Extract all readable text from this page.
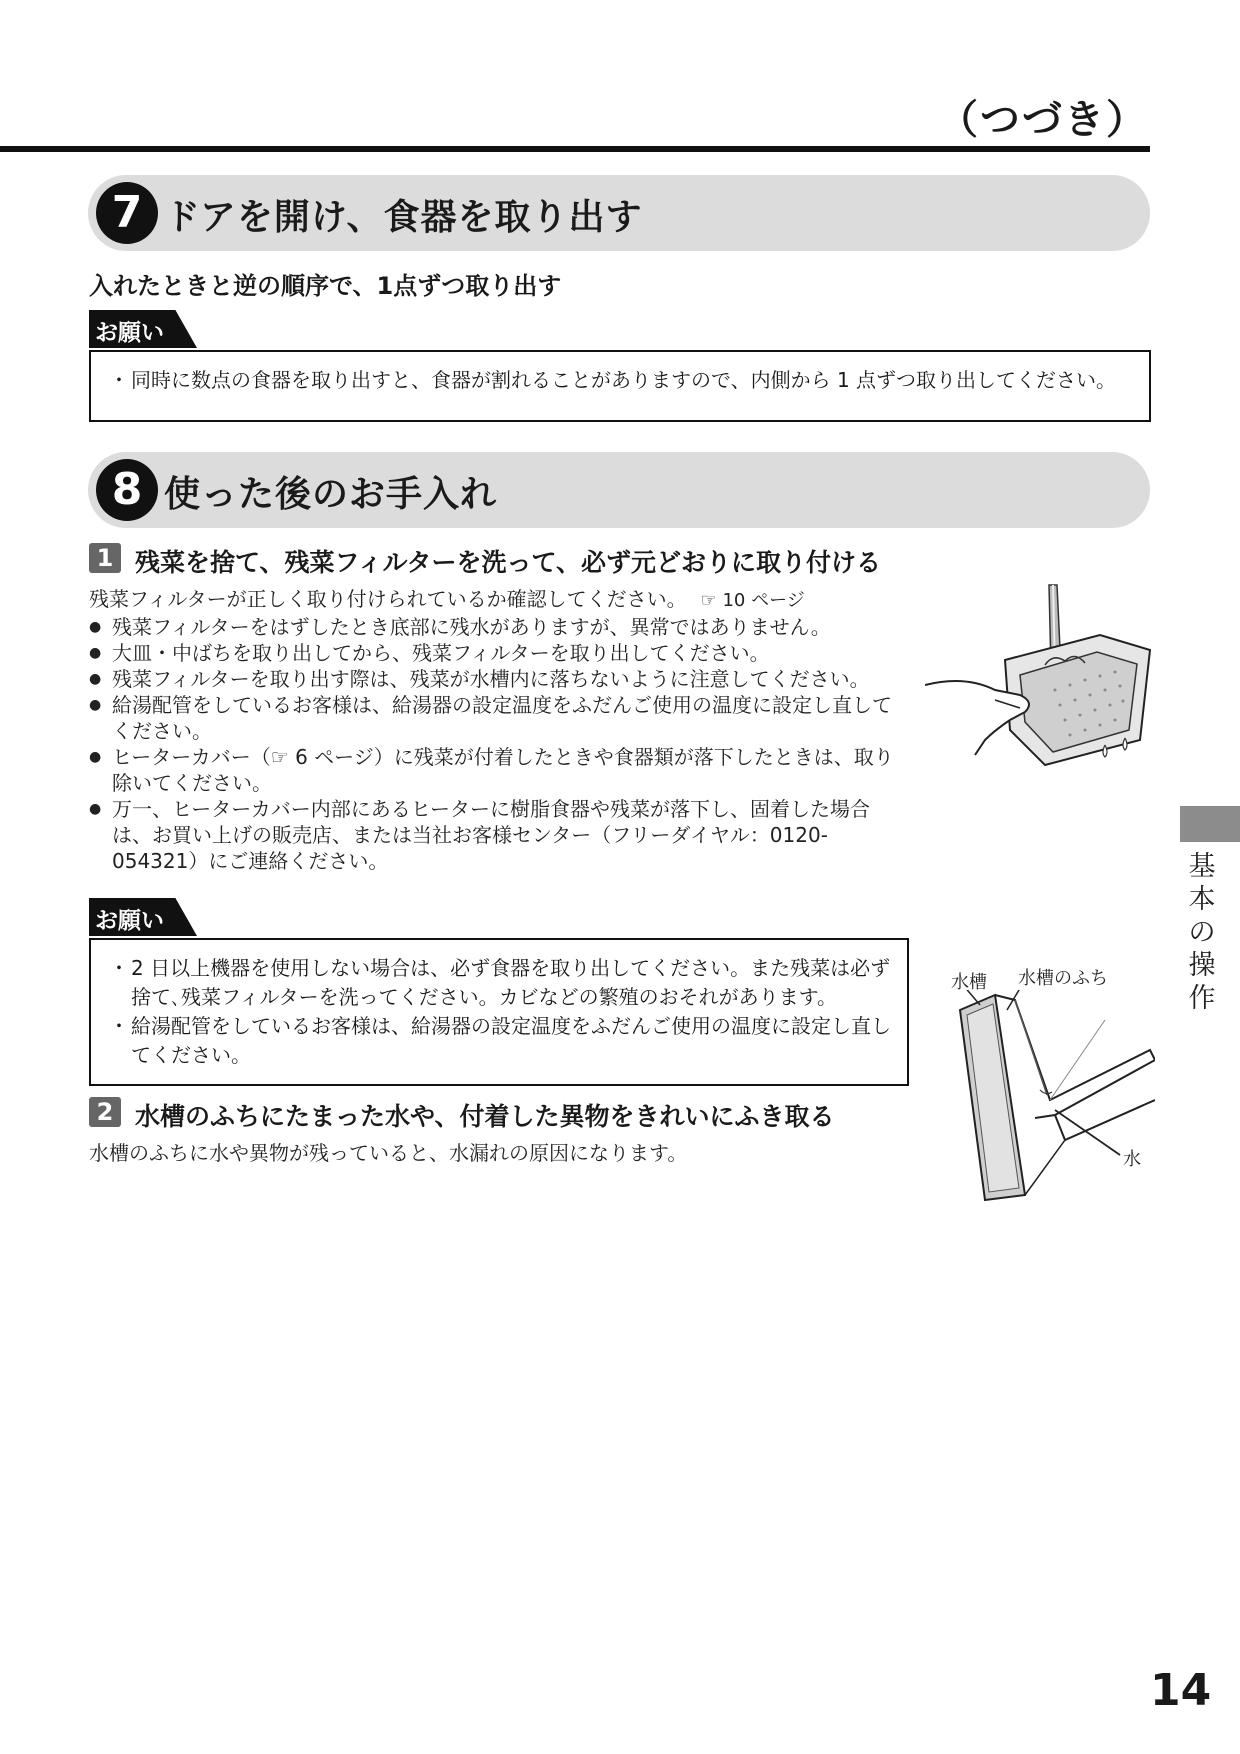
（つづき）
7 ドアを開け、食器を取り出す
入れたときと逆の順序で、1点ずつ取り出す
お願い
・ 同時に数点の食器を取り出すと、食器が割れることがありますので、内側から 1 点ずつ取り出してください。
8 使った後のお手入れ
1 残菜を捨て、残菜フィルターを洗って、必ず元どおりに取り付ける
残菜フィルターが正しく取り付けられているか確認してください。 ☞ 10 ページ
● 残菜フィルターをはずしたとき底部に残水がありますが、異常ではありません。
● 大皿・中ばちを取り出してから、残菜フィルターを取り出してください。
● 残菜フィルターを取り出す際は、残菜が水槽内に落ちないように注意してください。
● 給湯配管をしているお客様は、給湯器の設定温度をふだんご使用の温度に設定し直してください。
● ヒーターカバー（☞ 6 ページ）に残菜が付着したときや食器類が落下したときは、取り除いてください。
● 万一、ヒーターカバー内部にあるヒーターに樹脂食器や残菜が落下し、固着した場合は、お買い上げの販売店、または当社お客様センター（フリーダイヤル：0120-054321）にご連絡ください。
お願い
・ 2 日以上機器を使用しない場合は、必ず食器を取り出してください。また残菜は必ず捨て､残菜フィルターを洗ってください。カビなどの繁殖のおそれがあります。
・ 給湯配管をしているお客様は、給湯器の設定温度をふだんご使用の温度に設定し直してください。
2 水槽のふちにたまった水や、付着した異物をきれいにふき取る
水槽のふちに水や異物が残っていると、水漏れの原因になります。
水槽 水槽のふち
水
基
本
の
操
作
14
